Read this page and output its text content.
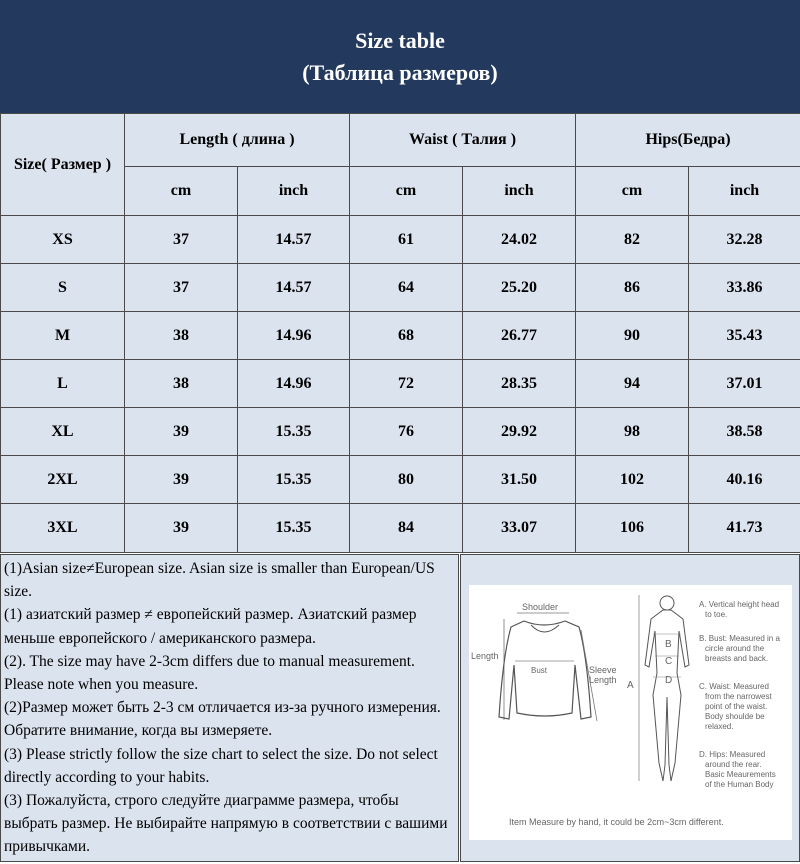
Size table
(Таблица размеров)
Size( Размер )	Length ( длина )		Waist ( Талия )		Hips(Бедра)	
	cm	inch	cm	inch	cm	inch
XS	37	14.57	61	24.02	82	32.28
S	37	14.57	64	25.20	86	33.86
M	38	14.96	68	26.77	90	35.43
L	38	14.96	72	28.35	94	37.01
XL	39	15.35	76	29.92	98	38.58
2XL	39	15.35	80	31.50	102	40.16
3XL	39	15.35	84	33.07	106	41.73

(1)Asian size≠European size. Asian size is smaller than European/US size.

(1) азиатский размер ≠ европейский размер. Азиатский размер меньше европейского / американского размера.

(2). The size may have 2-3cm differs due to manual measurement. Please note when you measure.

(2)Размер может быть 2-3 см отличается из-за ручного измерения. Обратите внимание, когда вы измеряете.

(3) Please strictly follow the size chart to select the size. Do not select directly according to your habits.

(3) Пожалуйста, строго следуйте диаграмме размера, чтобы выбрать размер. Не выбирайте напрямую в соответствии с вашими привычками.

Shoulder
Length
Bust	Sleeve
Length A
B
C
D
A. Vertical height head
to toe.
B. Bust: Measured in a
circle around the
breasts and back.
C. Waist: Measured
from the narrowest
point of the waist.
Body shoulde be
relaxed.
D. Hips: Measured
around the rear.
Basic Meaurements
of the Human Body
Item Measure by hand, it could be 2cm~3cm different.
